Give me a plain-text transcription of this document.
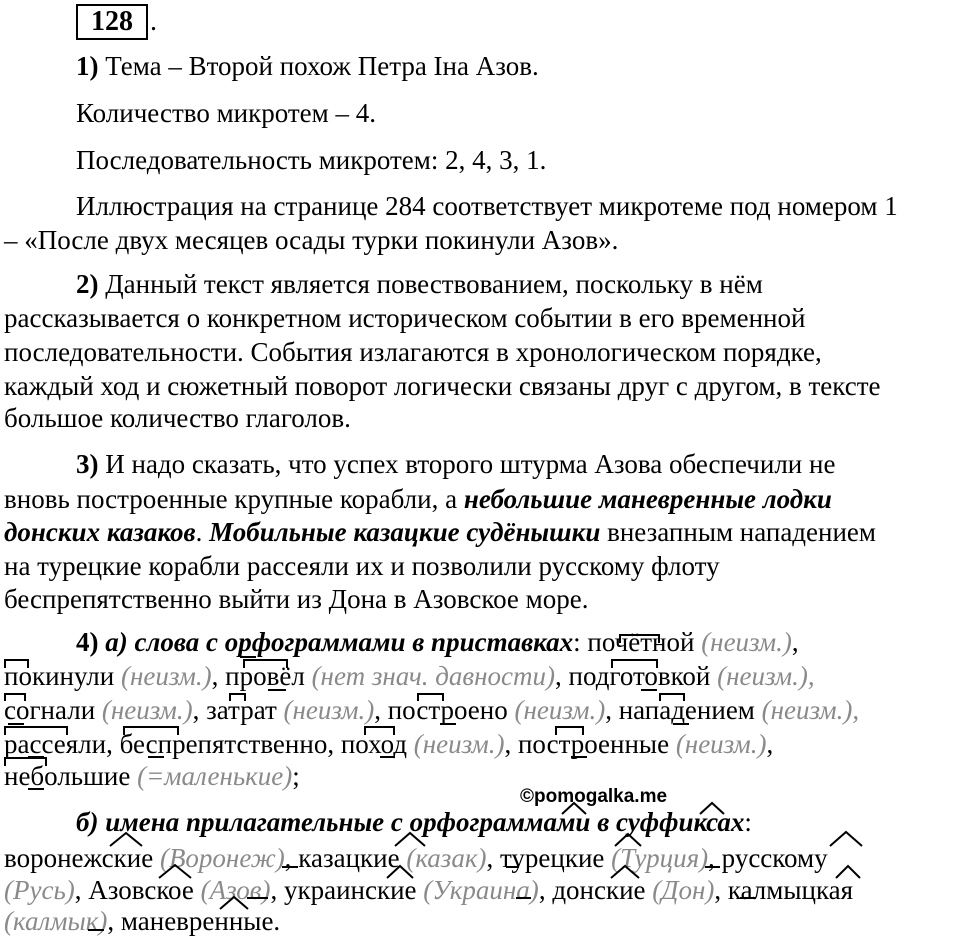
128 .
1) Тема – Второй похож Петра Іна Азов.
Количество микротем – 4.
Последовательность микротем: 2, 4, 3, 1.
Иллюстрация на странице 284 соответствует микротеме под номером 1
– «После двух месяцев осады турки покинули Азов».
2) Данный текст является повествованием, поскольку в нём
рассказывается о конкретном историческом событии в его временной
последовательности. События излагаются в хронологическом порядке,
каждый ход и сюжетный поворот логически связаны друг с другом, в тексте
большое количество глаголов.
3) И надо сказать, что успех второго штурма Азова обеспечили не
вновь построенные крупные корабли, а небольшие маневренные лодки
донских казаков. Мобильные казацкие судёнышки внезапным нападением
на турецкие корабли рассеяли их и позволили русскому флоту
беспрепятственно выйти из Дона в Азовское море.
4) а) слова с орфограммами в приставках: почётной (неизм.),
покинули (неизм.), провёл (нет знач. давности), подготовкой (неизм.),
согнали (неизм.), затрат (неизм.), построено (неизм.), нападением (неизм.),
рассеяли, беспрепятственно, поход (неизм.), построенные (неизм.),
небольшие (=маленькие);
б) имена прилагательные с орфограммами в суффиксах:
воронежские (Воронеж), казацкие (казак), турецкие (Турция), русскому
(Русь), Азовское (Азов), украинские (Украина), донские (Дон), калмыцкая
(калмык), маневренные.
©pomogalka.me
